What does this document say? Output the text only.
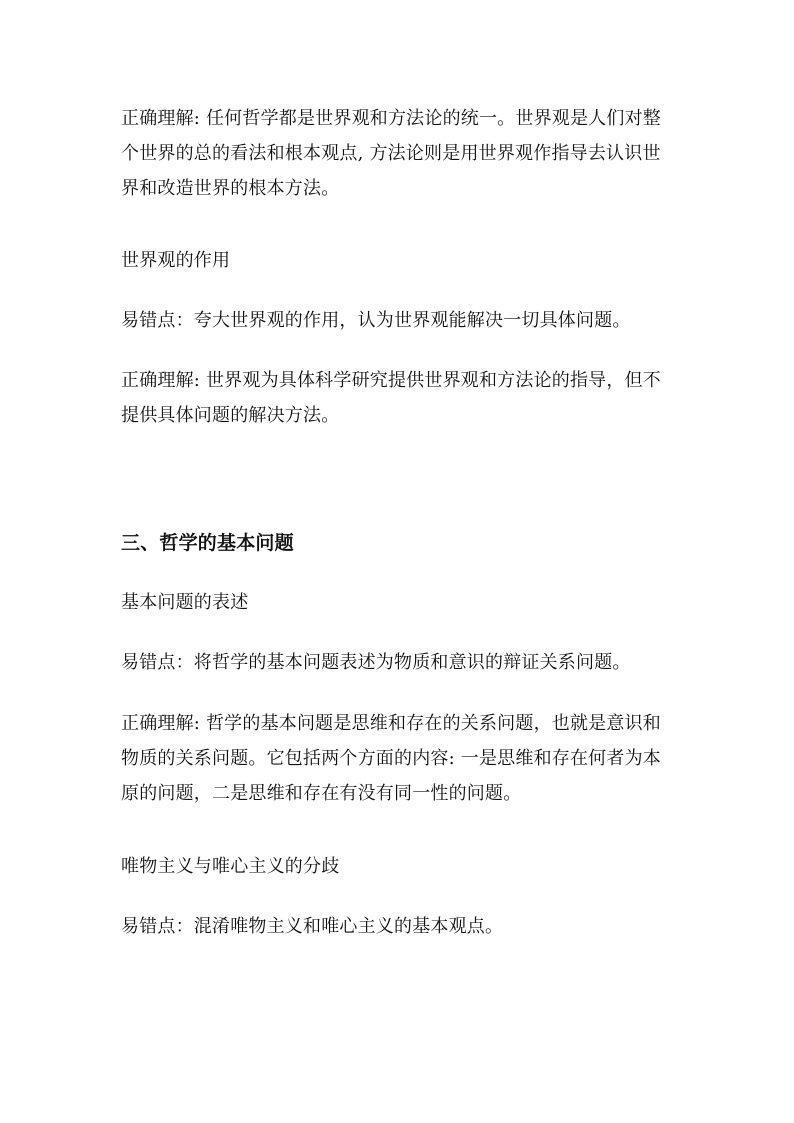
正确理解: 任何哲学都是世界观和方法论的统一。世界观是人们对整
个世界的总的看法和根本观点, 方法论则是用世界观作指导去认识世
界和改造世界的根本方法。
世界观的作用
易错点：夸大世界观的作用，认为世界观能解决一切具体问题。
正确理解: 世界观为具体科学研究提供世界观和方法论的指导，但不
提供具体问题的解决方法。
三、哲学的基本问题
基本问题的表述
易错点：将哲学的基本问题表述为物质和意识的辩证关系问题。
正确理解: 哲学的基本问题是思维和存在的关系问题，也就是意识和
物质的关系问题。它包括两个方面的内容: 一是思维和存在何者为本
原的问题，二是思维和存在有没有同一性的问题。
唯物主义与唯心主义的分歧
易错点：混淆唯物主义和唯心主义的基本观点。
